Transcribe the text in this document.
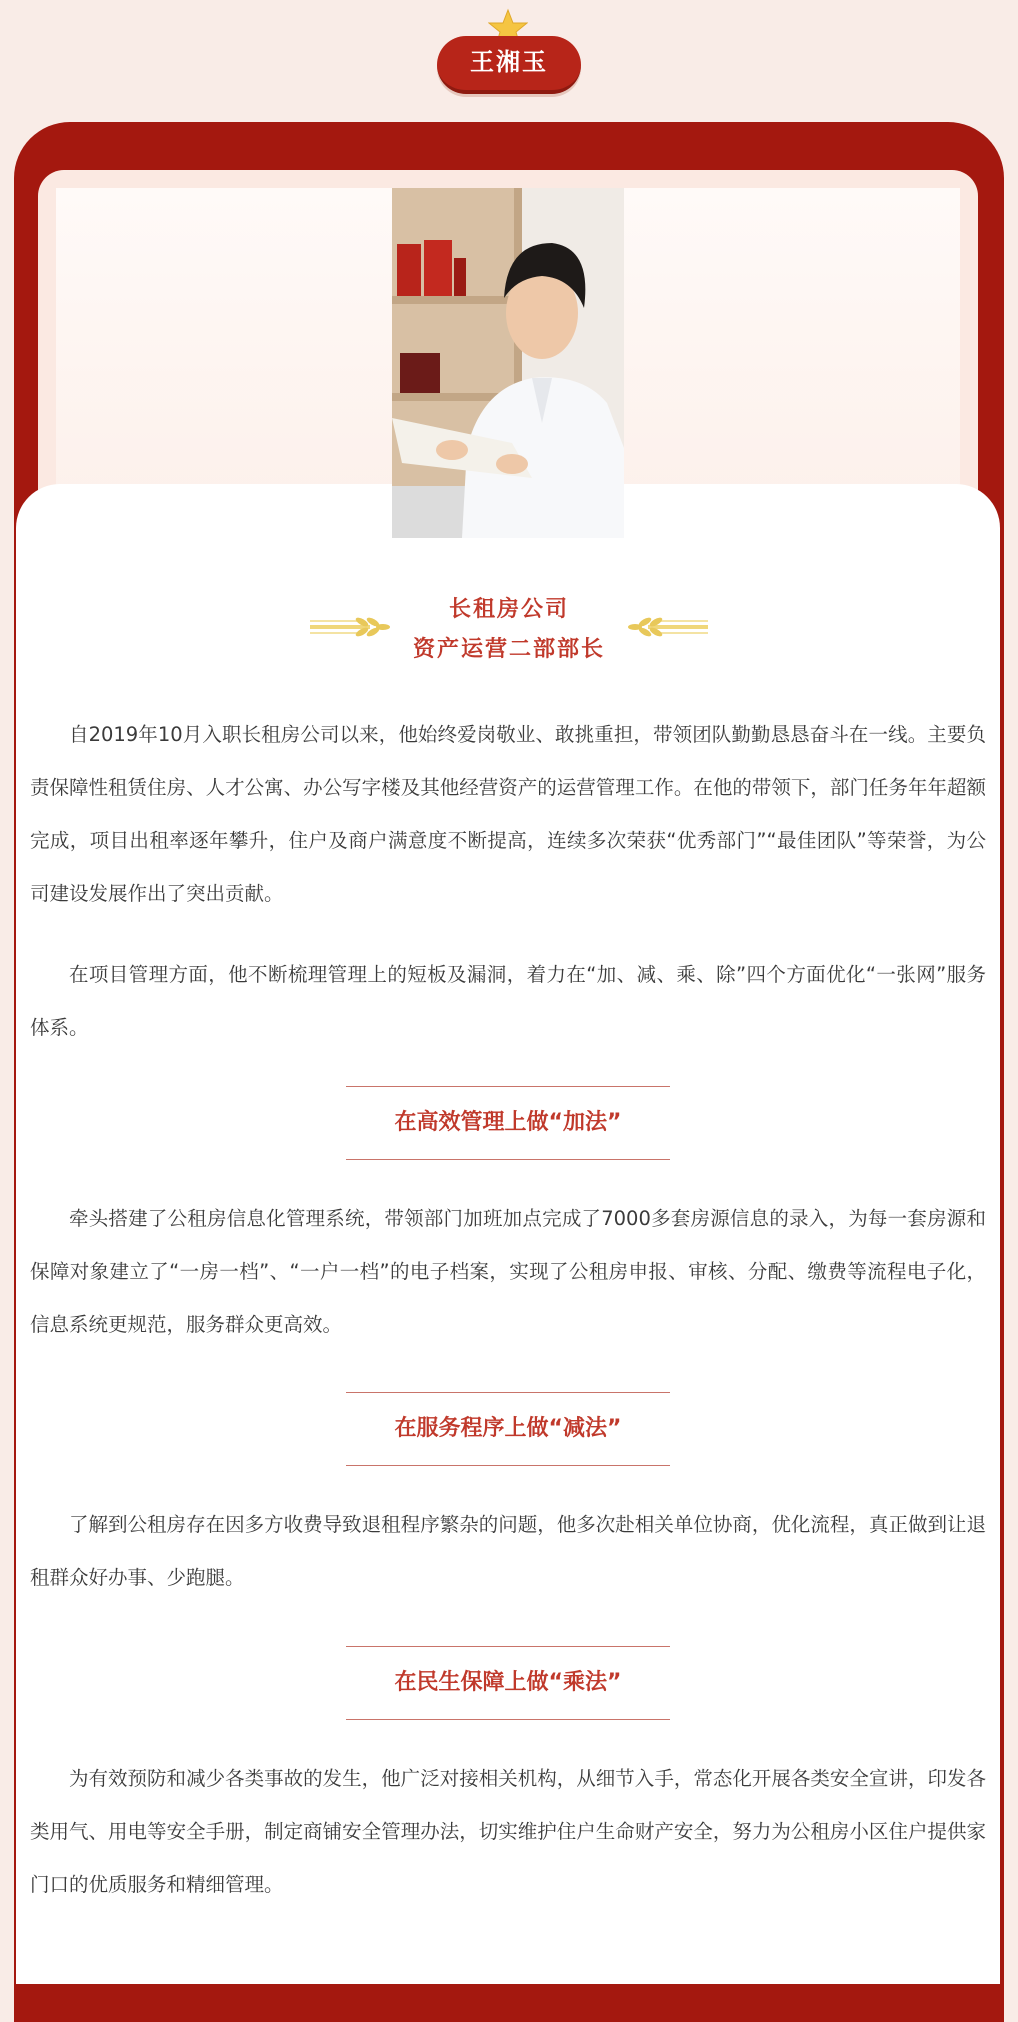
王湘玉
长租房公司
资产运营二部部长

自2019年10月入职长租房公司以来，他始终爱岗敬业、敢挑重担，带领团队勤勤恳恳奋斗在一线。主要负责保障性租赁住房、人才公寓、办公写字楼及其他经营资产的运营管理工作。在他的带领下，部门任务年年超额完成，项目出租率逐年攀升，住户及商户满意度不断提高，连续多次荣获“优秀部门”“最佳团队”等荣誉，为公司建设发展作出了突出贡献。

在项目管理方面，他不断梳理管理上的短板及漏洞，着力在“加、减、乘、除”四个方面优化“一张网”服务体系。

在高效管理上做“加法”

牵头搭建了公租房信息化管理系统，带领部门加班加点完成了7000多套房源信息的录入，为每一套房源和保障对象建立了“一房一档”、“一户一档”的电子档案，实现了公租房申报、审核、分配、缴费等流程电子化，信息系统更规范，服务群众更高效。

在服务程序上做“减法”

了解到公租房存在因多方收费导致退租程序繁杂的问题，他多次赴相关单位协商，优化流程，真正做到让退租群众好办事、少跑腿。

在民生保障上做“乘法”

为有效预防和减少各类事故的发生，他广泛对接相关机构，从细节入手，常态化开展各类安全宣讲，印发各类用气、用电等安全手册，制定商铺安全管理办法，切实维护住户生命财产安全，努力为公租房小区住户提供家门口的优质服务和精细管理。
